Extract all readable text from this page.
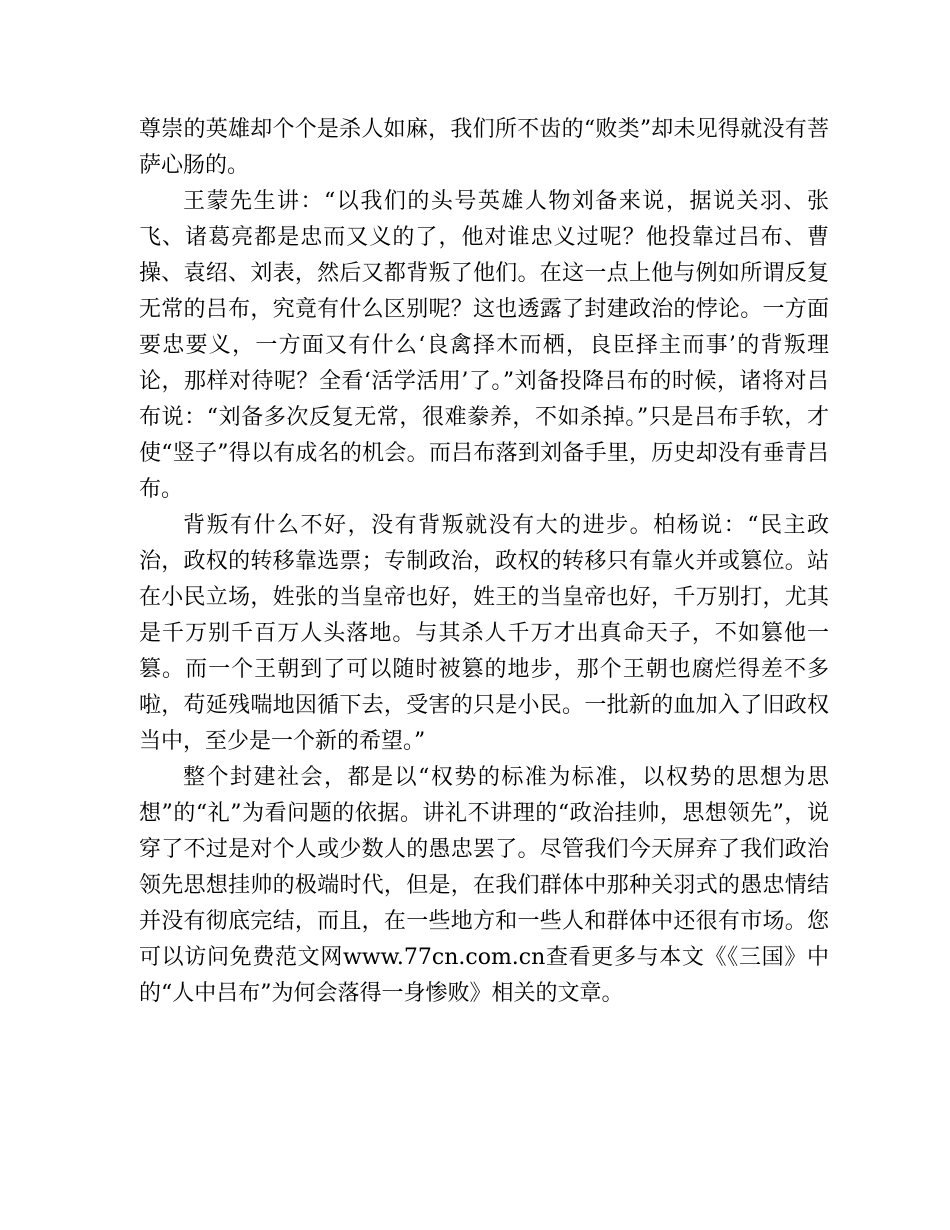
尊崇的英雄却个个是杀人如麻，我们所不齿的“败类”却未见得就没有菩萨心肠的。

王蒙先生讲：“以我们的头号英雄人物刘备来说，据说关羽、张飞、诸葛亮都是忠而又义的了，他对谁忠义过呢？他投靠过吕布、曹操、袁绍、刘表，然后又都背叛了他们。在这一点上他与例如所谓反复无常的吕布，究竟有什么区别呢？这也透露了封建政治的悖论。一方面要忠要义，一方面又有什么‘良禽择木而栖，良臣择主而事’的背叛理论，那样对待呢？全看‘活学活用’了。”刘备投降吕布的时候，诸将对吕布说：“刘备多次反复无常，很难豢养，不如杀掉。”只是吕布手软，才使“竖子”得以有成名的机会。而吕布落到刘备手里，历史却没有垂青吕布。

背叛有什么不好，没有背叛就没有大的进步。柏杨说：“民主政治，政权的转移靠选票；专制政治，政权的转移只有靠火并或篡位。站在小民立场，姓张的当皇帝也好，姓王的当皇帝也好，千万别打，尤其是千万别千百万人头落地。与其杀人千万才出真命天子，不如篡他一篡。而一个王朝到了可以随时被篡的地步，那个王朝也腐烂得差不多啦，苟延残喘地因循下去，受害的只是小民。一批新的血加入了旧政权当中，至少是一个新的希望。”

整个封建社会，都是以“权势的标准为标准，以权势的思想为思想”的“礼”为看问题的依据。讲礼不讲理的“政治挂帅，思想领先”，说穿了不过是对个人或少数人的愚忠罢了。尽管我们今天屏弃了我们政治领先思想挂帅的极端时代，但是，在我们群体中那种关羽式的愚忠情结并没有彻底完结，而且，在一些地方和一些人和群体中还很有市场。您可以访问免费范文网www.77cn.com.cn查看更多与本文《《三国》中的“人中吕布”为何会落得一身惨败》相关的文章。
